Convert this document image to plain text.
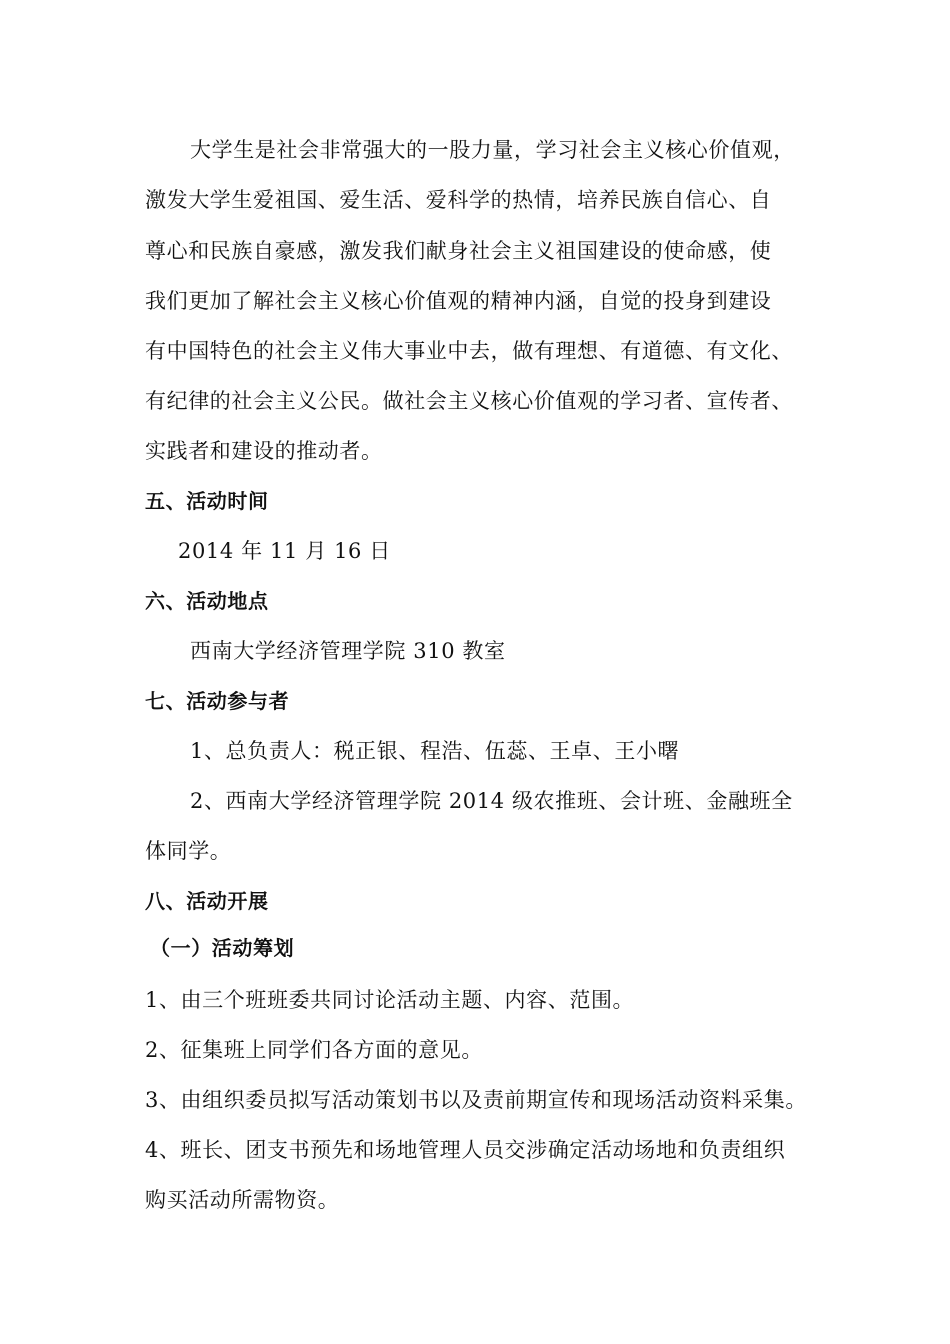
大学生是社会非常强大的一股力量，学习社会主义核心价值观，
激发大学生爱祖国、爱生活、爱科学的热情，培养民族自信心、自
尊心和民族自豪感，激发我们献身社会主义祖国建设的使命感，使
我们更加了解社会主义核心价值观的精神内涵，自觉的投身到建设
有中国特色的社会主义伟大事业中去，做有理想、有道德、有文化、
有纪律的社会主义公民。做社会主义核心价值观的学习者、宣传者、
实践者和建设的推动者。
五、活动时间
2014 年 11 月 16 日
六、活动地点
西南大学经济管理学院 310 教室
七、活动参与者
1、总负责人：税正银、程浩、伍蕊、王卓、王小曙
2、西南大学经济管理学院 2014 级农推班、会计班、金融班全
体同学。
八、活动开展
（一）活动筹划
1、由三个班班委共同讨论活动主题、内容、范围。
2、征集班上同学们各方面的意见。
3、由组织委员拟写活动策划书以及责前期宣传和现场活动资料采集。
4、班长、团支书预先和场地管理人员交涉确定活动场地和负责组织
购买活动所需物资。
